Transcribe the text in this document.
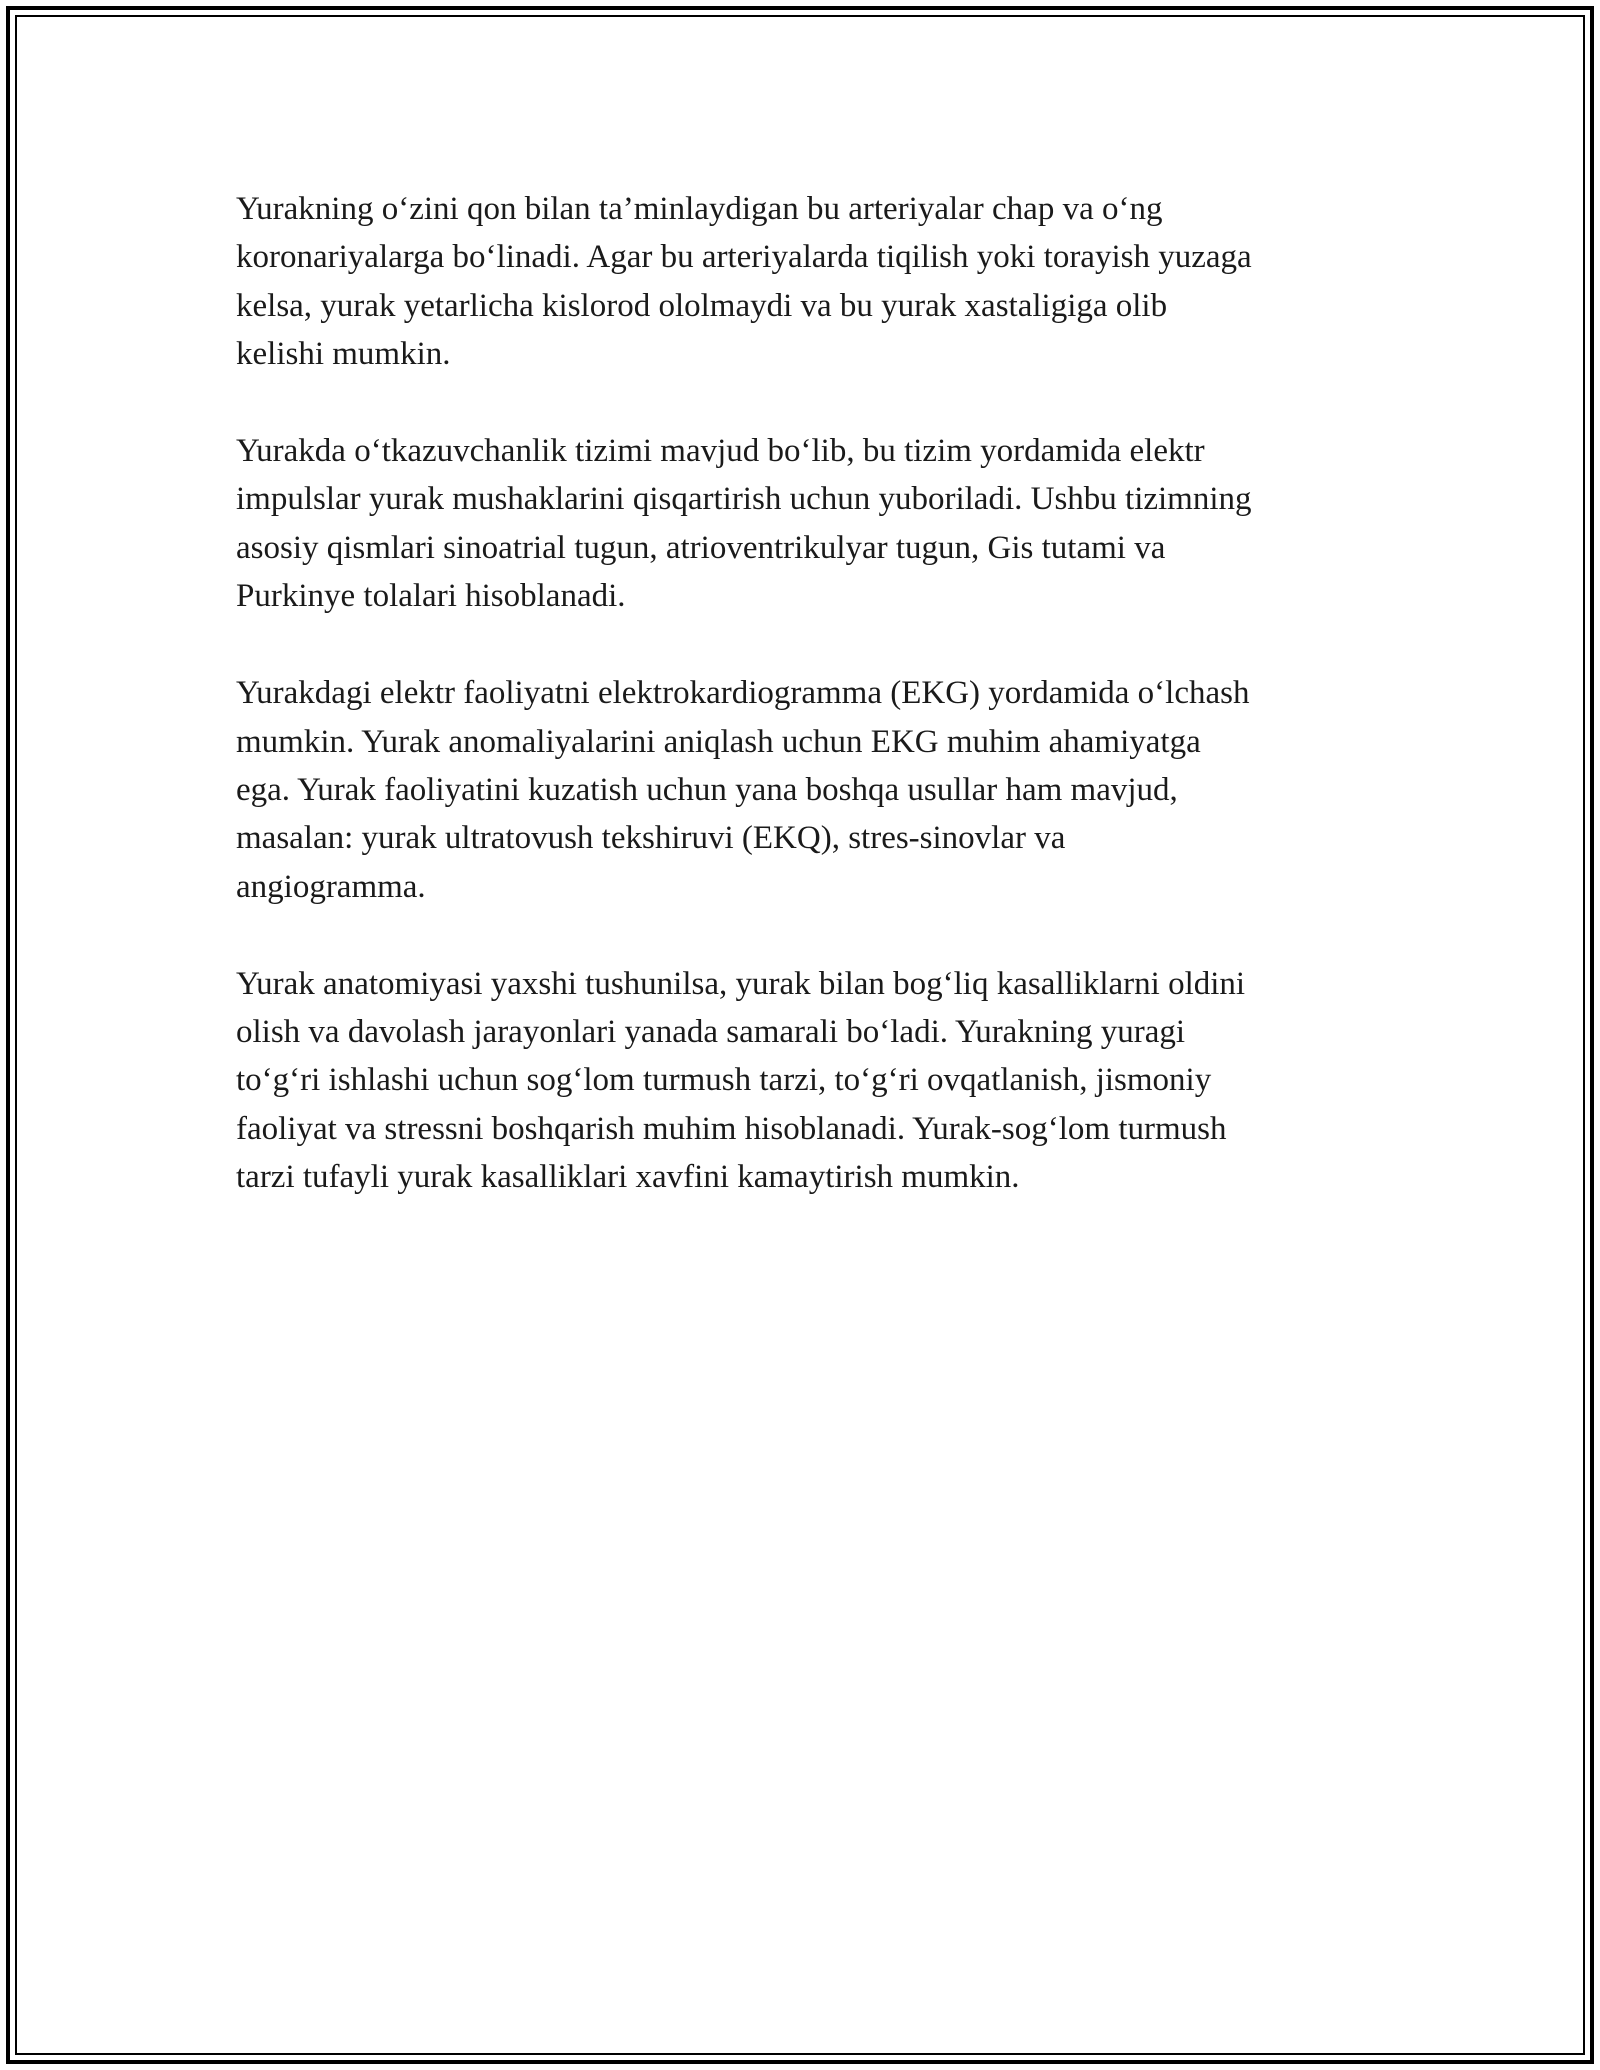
Yurakning o‘zini qon bilan ta’minlaydigan bu arteriyalar chap va o‘ng
koronariyalarga bo‘linadi. Agar bu arteriyalarda tiqilish yoki torayish yuzaga
kelsa, yurak yetarlicha kislorod ololmaydi va bu yurak xastaligiga olib
kelishi mumkin.

Yurakda o‘tkazuvchanlik tizimi mavjud bo‘lib, bu tizim yordamida elektr
impulslar yurak mushaklarini qisqartirish uchun yuboriladi. Ushbu tizimning
asosiy qismlari sinoatrial tugun, atrioventrikulyar tugun, Gis tutami va
Purkinye tolalari hisoblanadi.

Yurakdagi elektr faoliyatni elektrokardiogramma (EKG) yordamida o‘lchash
mumkin. Yurak anomaliyalarini aniqlash uchun EKG muhim ahamiyatga
ega. Yurak faoliyatini kuzatish uchun yana boshqa usullar ham mavjud,
masalan: yurak ultratovush tekshiruvi (EKQ), stres-sinovlar va
angiogramma.

Yurak anatomiyasi yaxshi tushunilsa, yurak bilan bog‘liq kasalliklarni oldini
olish va davolash jarayonlari yanada samarali bo‘ladi. Yurakning yuragi
to‘g‘ri ishlashi uchun sog‘lom turmush tarzi, to‘g‘ri ovqatlanish, jismoniy
faoliyat va stressni boshqarish muhim hisoblanadi. Yurak-sog‘lom turmush
tarzi tufayli yurak kasalliklari xavfini kamaytirish mumkin.
